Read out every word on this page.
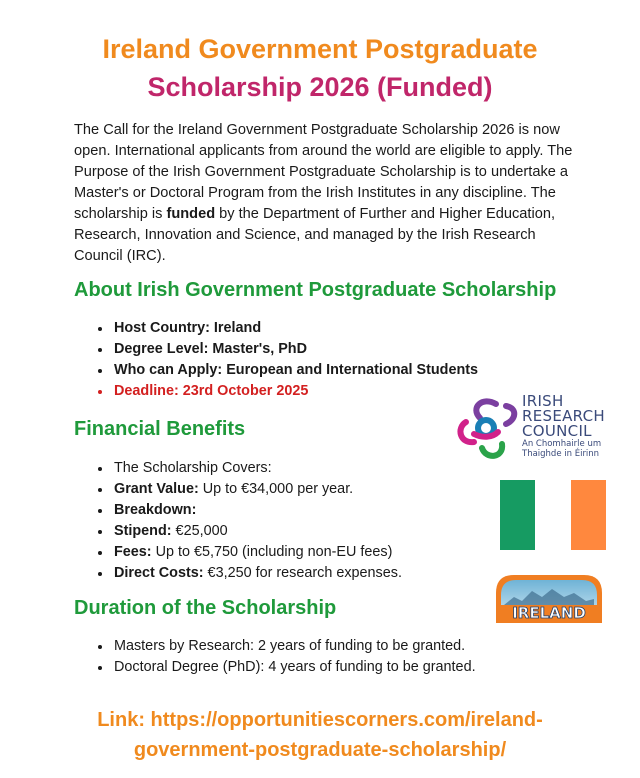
Ireland Government Postgraduate
Scholarship 2026 (Funded)

The Call for the Ireland Government Postgraduate Scholarship 2026 is now open. International applicants from around the world are eligible to apply. The Purpose of the Irish Government Postgraduate Scholarship is to undertake a Master's or Doctoral Program from the Irish Institutes in any discipline. The scholarship is funded by the Department of Further and Higher Education, Research, Innovation and Science, and managed by the Irish Research Council (IRC).

About Irish Government Postgraduate Scholarship
• Host Country: Ireland
• Degree Level: Master's, PhD
• Who can Apply: European and International Students
• Deadline: 23rd October 2025
Financial Benefits
• The Scholarship Covers:
• Grant Value: Up to €34,000 per year.
• Breakdown:
• Stipend: €25,000
• Fees: Up to €5,750 (including non-EU fees)
• Direct Costs: €3,250 for research expenses.
Duration of the Scholarship
• Masters by Research: 2 years of funding to be granted.
• Doctoral Degree (PhD): 4 years of funding to be granted.

Link: https://opportunitiescorners.com/ireland-
government-postgraduate-scholarship/

IRISH
RESEARCH
COUNCIL
An Chomhairle um
Thaighde in Éirinn
IRELAND
